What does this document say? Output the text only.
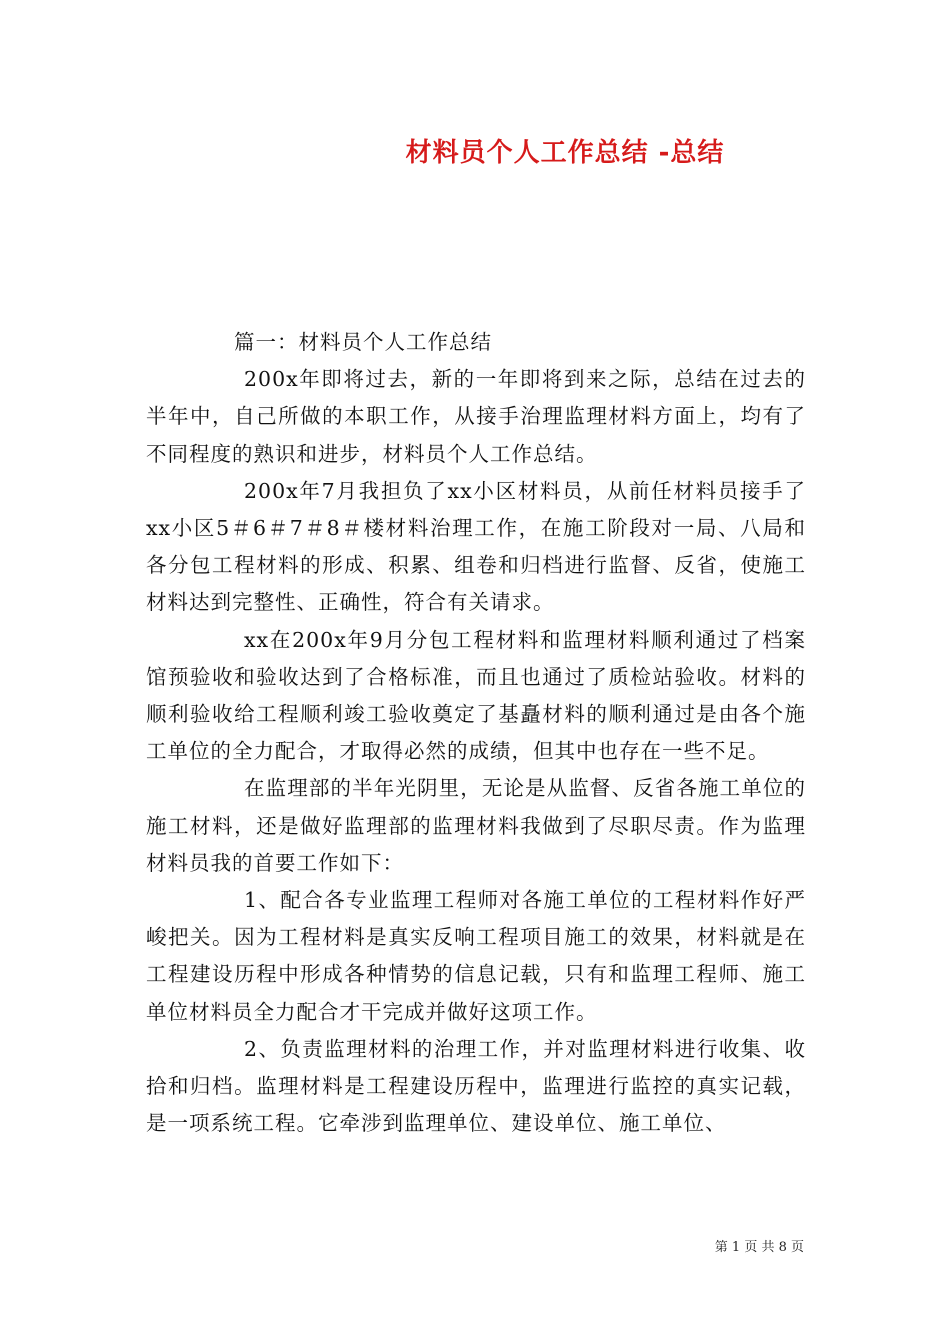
材料员个人工作总结 -总结

篇一：材料员个人工作总结

200x年即将过去，新的一年即将到来之际，总结在过去的半年中，自己所做的本职工作，从接手治理监理材料方面上，均有了不同程度的熟识和进步，材料员个人工作总结。

200x年7月我担负了xx小区材料员，从前任材料员接手了xx小区5＃6＃7＃8＃楼材料治理工作，在施工阶段对一局、八局和各分包工程材料的形成、积累、组卷和归档进行监督、反省，使施工材料达到完整性、正确性，符合有关请求。

xx在200x年9月分包工程材料和监理材料顺利通过了档案馆预验收和验收达到了合格标准，而且也通过了质检站验收。材料的顺利验收给工程顺利竣工验收奠定了基矗材料的顺利通过是由各个施工单位的全力配合，才取得必然的成绩，但其中也存在一些不足。

在监理部的半年光阴里，无论是从监督、反省各施工单位的施工材料，还是做好监理部的监理材料我做到了尽职尽责。作为监理材料员我的首要工作如下：

1、配合各专业监理工程师对各施工单位的工程材料作好严峻把关。因为工程材料是真实反响工程项目施工的效果，材料就是在工程建设历程中形成各种情势的信息记载，只有和监理工程师、施工单位材料员全力配合才干完成并做好这项工作。

2、负责监理材料的治理工作，并对监理材料进行收集、收拾和归档。监理材料是工程建设历程中，监理进行监控的真实记载，是一项系统工程。它牵涉到监理单位、建设单位、施工单位、

第 1 页 共 8 页
